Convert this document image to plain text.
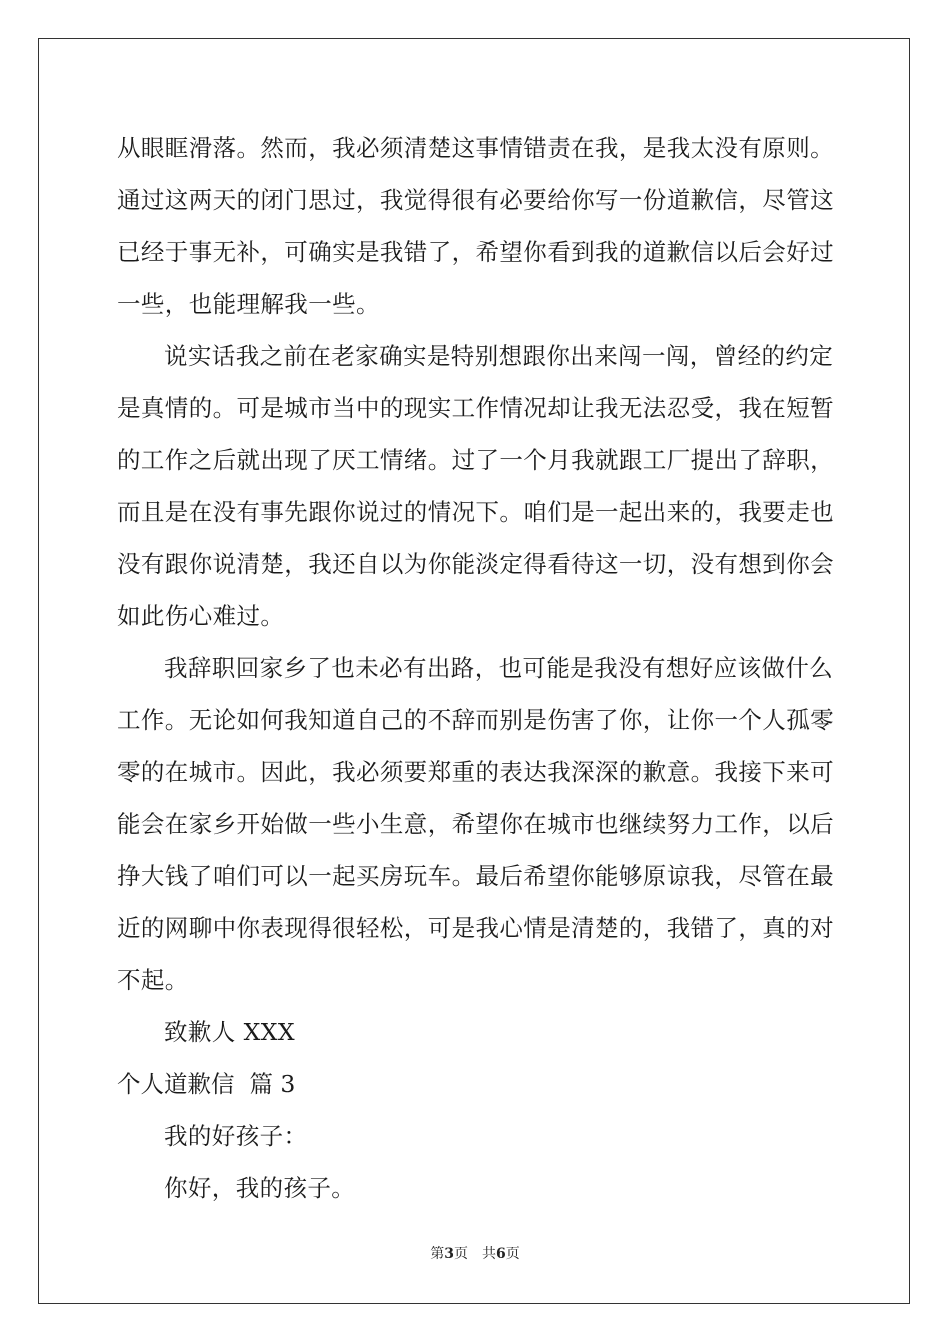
从眼眶滑落。然而，我必须清楚这事情错责在我，是我太没有原则。
通过这两天的闭门思过，我觉得很有必要给你写一份道歉信，尽管这
已经于事无补，可确实是我错了，希望你看到我的道歉信以后会好过
一些，也能理解我一些。
说实话我之前在老家确实是特别想跟你出来闯一闯，曾经的约定
是真情的。可是城市当中的现实工作情况却让我无法忍受，我在短暂
的工作之后就出现了厌工情绪。过了一个月我就跟工厂提出了辞职，
而且是在没有事先跟你说过的情况下。咱们是一起出来的，我要走也
没有跟你说清楚，我还自以为你能淡定得看待这一切，没有想到你会
如此伤心难过。
我辞职回家乡了也未必有出路，也可能是我没有想好应该做什么
工作。无论如何我知道自己的不辞而别是伤害了你，让你一个人孤零
零的在城市。因此，我必须要郑重的表达我深深的歉意。我接下来可
能会在家乡开始做一些小生意，希望你在城市也继续努力工作，以后
挣大钱了咱们可以一起买房玩车。最后希望你能够原谅我，尽管在最
近的网聊中你表现得很轻松，可是我心情是清楚的，我错了，真的对
不起。
致歉人 XXX
个人道歉信  篇 3
我的好孩子：
你好，我的孩子。
第3页 共6页
